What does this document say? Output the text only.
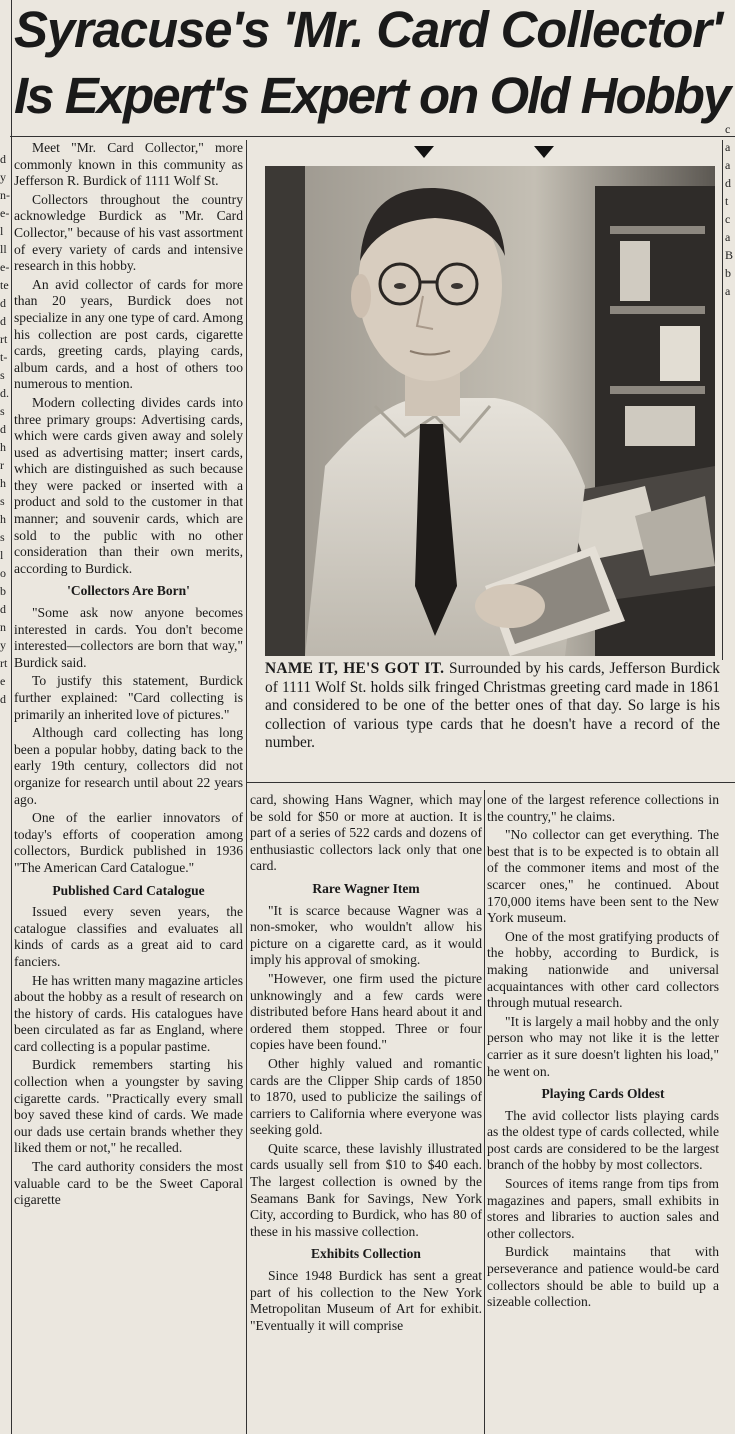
Syracuse's 'Mr. Card Collector'
Is Expert's Expert on Old Hobby
d
y
n-
e-
l
ll
e-
te
d
d
rt
t-
s
d.
s
d
h
r
h
s
h
s
l
o
b
d
n
y
rt
e
d
c
a
a
d
t
c
a
B
b
a
NAME IT, HE'S GOT IT. Surrounded by his cards, Jefferson Burdick of 1111 Wolf St. holds silk fringed Christmas greeting card made in 1861 and considered to be one of the better ones of that day. So large is his collection of various type cards that he doesn't have a record of the number.

Meet "Mr. Card Collector," more commonly known in this community as Jefferson R. Burdick of 1111 Wolf St.

Collectors throughout the country acknowledge Burdick as "Mr. Card Collector," because of his vast assortment of every variety of cards and intensive research in this hobby.

An avid collector of cards for more than 20 years, Burdick does not specialize in any one type of card. Among his collection are post cards, cigarette cards, greeting cards, playing cards, album cards, and a host of others too numerous to mention.

Modern collecting divides cards into three primary groups: Advertising cards, which were cards given away and solely used as advertising matter; insert cards, which are distinguished as such because they were packed or inserted with a product and sold to the customer in that manner; and souvenir cards, which are sold to the public with no other consideration than their own merits, according to Burdick.

'Collectors Are Born'

"Some ask now anyone becomes interested in cards. You don't become interested—collectors are born that way," Burdick said.

To justify this statement, Burdick further explained: "Card collecting is primarily an inherited love of pictures."

Although card collecting has long been a popular hobby, dating back to the early 19th century, collectors did not organize for research until about 22 years ago.

One of the earlier innovators of today's efforts of cooperation among collectors, Burdick published in 1936 "The American Card Catalogue."

Published Card Catalogue

Issued every seven years, the catalogue classifies and evaluates all kinds of cards as a great aid to card fanciers.

He has written many magazine articles about the hobby as a result of research on the history of cards. His catalogues have been circulated as far as England, where card collecting is a popular pastime.

Burdick remembers starting his collection when a youngster by saving cigarette cards. "Practically every small boy saved these kind of cards. We made our dads use certain brands whether they liked them or not," he recalled.

The card authority considers the most valuable card to be the Sweet Caporal cigarette

card, showing Hans Wagner, which may be sold for $50 or more at auction. It is part of a series of 522 cards and dozens of enthusiastic collectors lack only that one card.

Rare Wagner Item

"It is scarce because Wagner was a non-smoker, who wouldn't allow his picture on a cigarette card, as it would imply his approval of smoking.

"However, one firm used the picture unknowingly and a few cards were distributed before Hans heard about it and ordered them stopped. Three or four copies have been found."

Other highly valued and romantic cards are the Clipper Ship cards of 1850 to 1870, used to publicize the sailings of carriers to California where everyone was seeking gold.

Quite scarce, these lavishly illustrated cards usually sell from $10 to $40 each. The largest collection is owned by the Seamans Bank for Savings, New York City, according to Burdick, who has 80 of these in his massive collection.

Exhibits Collection

Since 1948 Burdick has sent a great part of his collection to the New York Metropolitan Museum of Art for exhibit. "Eventually it will comprise

one of the largest reference collections in the country," he claims.

"No collector can get everything. The best that is to be expected is to obtain all of the commoner items and most of the scarcer ones," he continued. About 170,000 items have been sent to the New York museum.

One of the most gratifying products of the hobby, according to Burdick, is making nationwide and universal acquaintances with other card collectors through mutual research.

"It is largely a mail hobby and the only person who may not like it is the letter carrier as it sure doesn't lighten his load," he went on.

Playing Cards Oldest

The avid collector lists playing cards as the oldest type of cards collected, while post cards are considered to be the largest branch of the hobby by most collectors.

Sources of items range from tips from magazines and papers, small exhibits in stores and libraries to auction sales and other collectors.

Burdick maintains that with perseverance and patience would-be card collectors should be able to build up a sizeable collection.
